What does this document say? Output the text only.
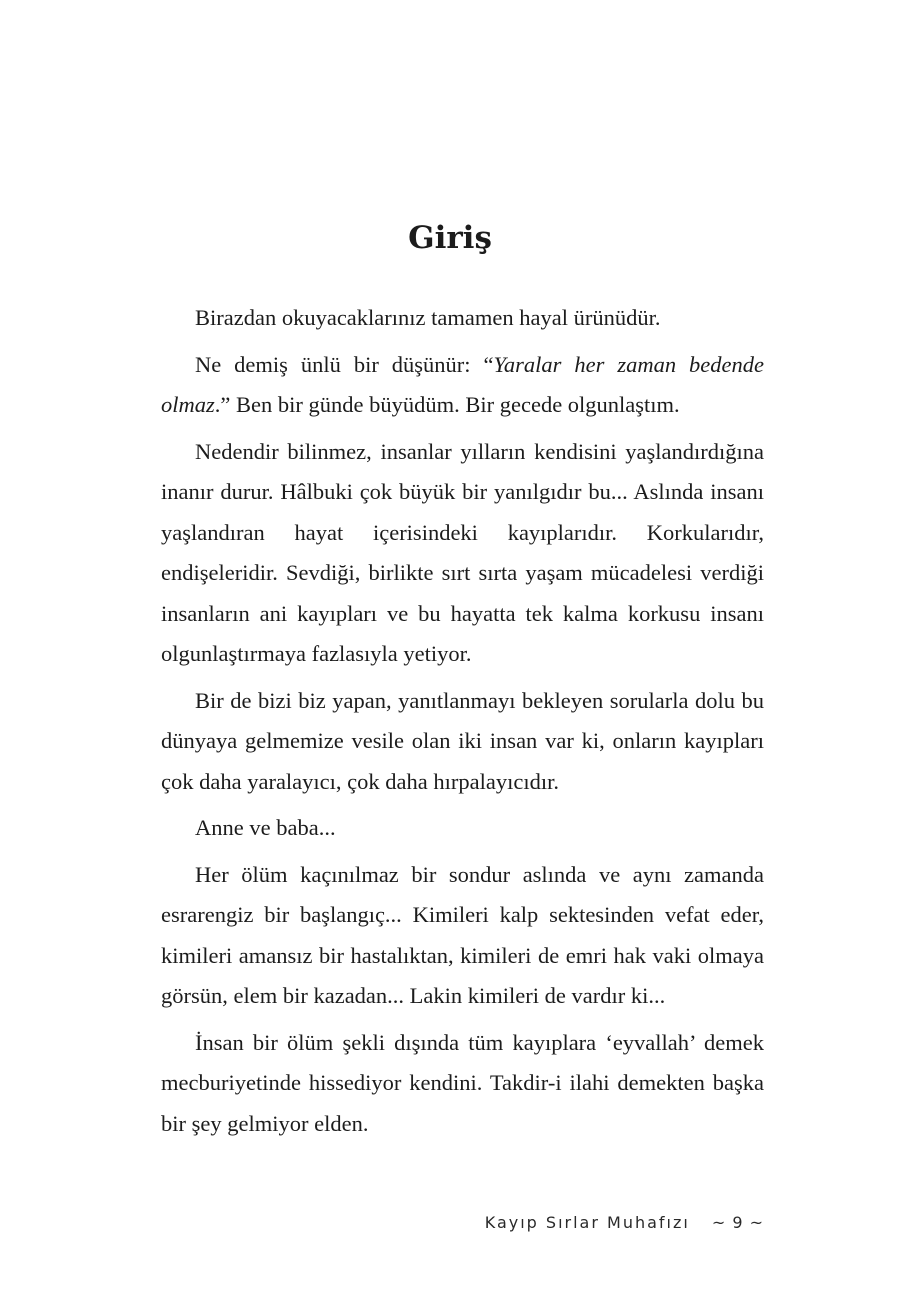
Giriş

Birazdan okuyacaklarınız tamamen hayal ürünüdür.

Ne demiş ünlü bir düşünür: “Yaralar her zaman bedende olmaz.” Ben bir günde büyüdüm. Bir gecede olgunlaştım.

Nedendir bilinmez, insanlar yılların kendisini yaşlandırdığına inanır durur. Hâlbuki çok büyük bir yanılgıdır bu... Aslında insanı yaşlandıran hayat içerisindeki kayıplarıdır. Korkularıdır, endişeleridir. Sevdiği, birlikte sırt sırta yaşam mücadelesi verdiği insanların ani kayıpları ve bu hayatta tek kalma korkusu insanı olgunlaştırmaya fazlasıyla yetiyor.

Bir de bizi biz yapan, yanıtlanmayı bekleyen sorularla dolu bu dünyaya gelmemize vesile olan iki insan var ki, onların kayıpları çok daha yaralayıcı, çok daha hırpalayıcıdır.

Anne ve baba...

Her ölüm kaçınılmaz bir sondur aslında ve aynı zamanda esrarengiz bir başlangıç... Kimileri kalp sektesinden vefat eder, kimileri amansız bir hastalıktan, kimileri de emri hak vaki olmaya görsün, elem bir kazadan... Lakin kimileri de vardır ki...

İnsan bir ölüm şekli dışında tüm kayıplara ‘eyvallah’ demek mecburiyetinde hissediyor kendini. Takdir-i ilahi demekten başka bir şey gelmiyor elden.

Kayıp Sırlar Muhafızı ~ 9 ~
